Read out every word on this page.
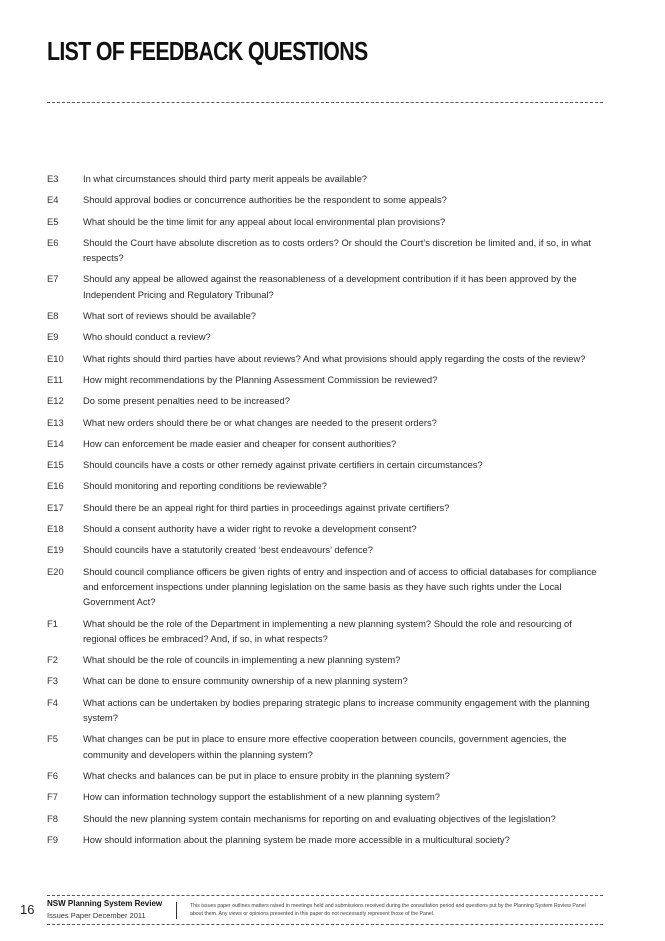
LIST OF FEEDBACK QUESTIONS
E3	In what circumstances should third party merit appeals be available?
E4	Should approval bodies or concurrence authorities be the respondent to some appeals?
E5	What should be the time limit for any appeal about local environmental plan provisions?
E6	Should the Court have absolute discretion as to costs orders? Or should the Court’s discretion be limited and, if so, in what respects?
E7	Should any appeal be allowed against the reasonableness of a development contribution if it has been approved by the Independent Pricing and Regulatory Tribunal?
E8	What sort of reviews should be available?
E9	Who should conduct a review?
E10	What rights should third parties have about reviews? And what provisions should apply regarding the costs of the review?
E11	How might recommendations by the Planning Assessment Commission be reviewed?
E12	Do some present penalties need to be increased?
E13	What new orders should there be or what changes are needed to the present orders?
E14	How can enforcement be made easier and cheaper for consent authorities?
E15	Should councils have a costs or other remedy against private certifiers in certain circumstances?
E16	Should monitoring and reporting conditions be reviewable?
E17	Should there be an appeal right for third parties in proceedings against private certifiers?
E18	Should a consent authority have a wider right to revoke a development consent?
E19	Should councils have a statutorily created ‘best endeavours’ defence?
E20	Should council compliance officers be given rights of entry and inspection and of access to official databases for compliance and enforcement inspections under planning legislation on the same basis as they have such rights under the Local Government Act?
F1	What should be the role of the Department in implementing a new planning system? Should the role and resourcing of regional offices be embraced? And, if so, in what respects?
F2	What should be the role of councils in implementing a new planning system?
F3	What can be done to ensure community ownership of a new planning system?
F4	What actions can be undertaken by bodies preparing strategic plans to increase community engagement with the planning system?
F5	What changes can be put in place to ensure more effective cooperation between councils, government agencies, the community and developers within the planning system?
F6	What checks and balances can be put in place to ensure probity in the planning system?
F7	How can information technology support the establishment of a new planning system?
F8	Should the new planning system contain mechanisms for reporting on and evaluating objectives of the legislation?
F9	How should information about the planning system be made more accessible in a multicultural society?
16 NSW Planning System Review
Issues Paper December 2011
This issues paper outlines matters raised in meetings held and submissions received during the consultation period and questions put by the Planning System Review Panel about them. Any views or opinions presented in this paper do not necessarily represent those of the Panel.
